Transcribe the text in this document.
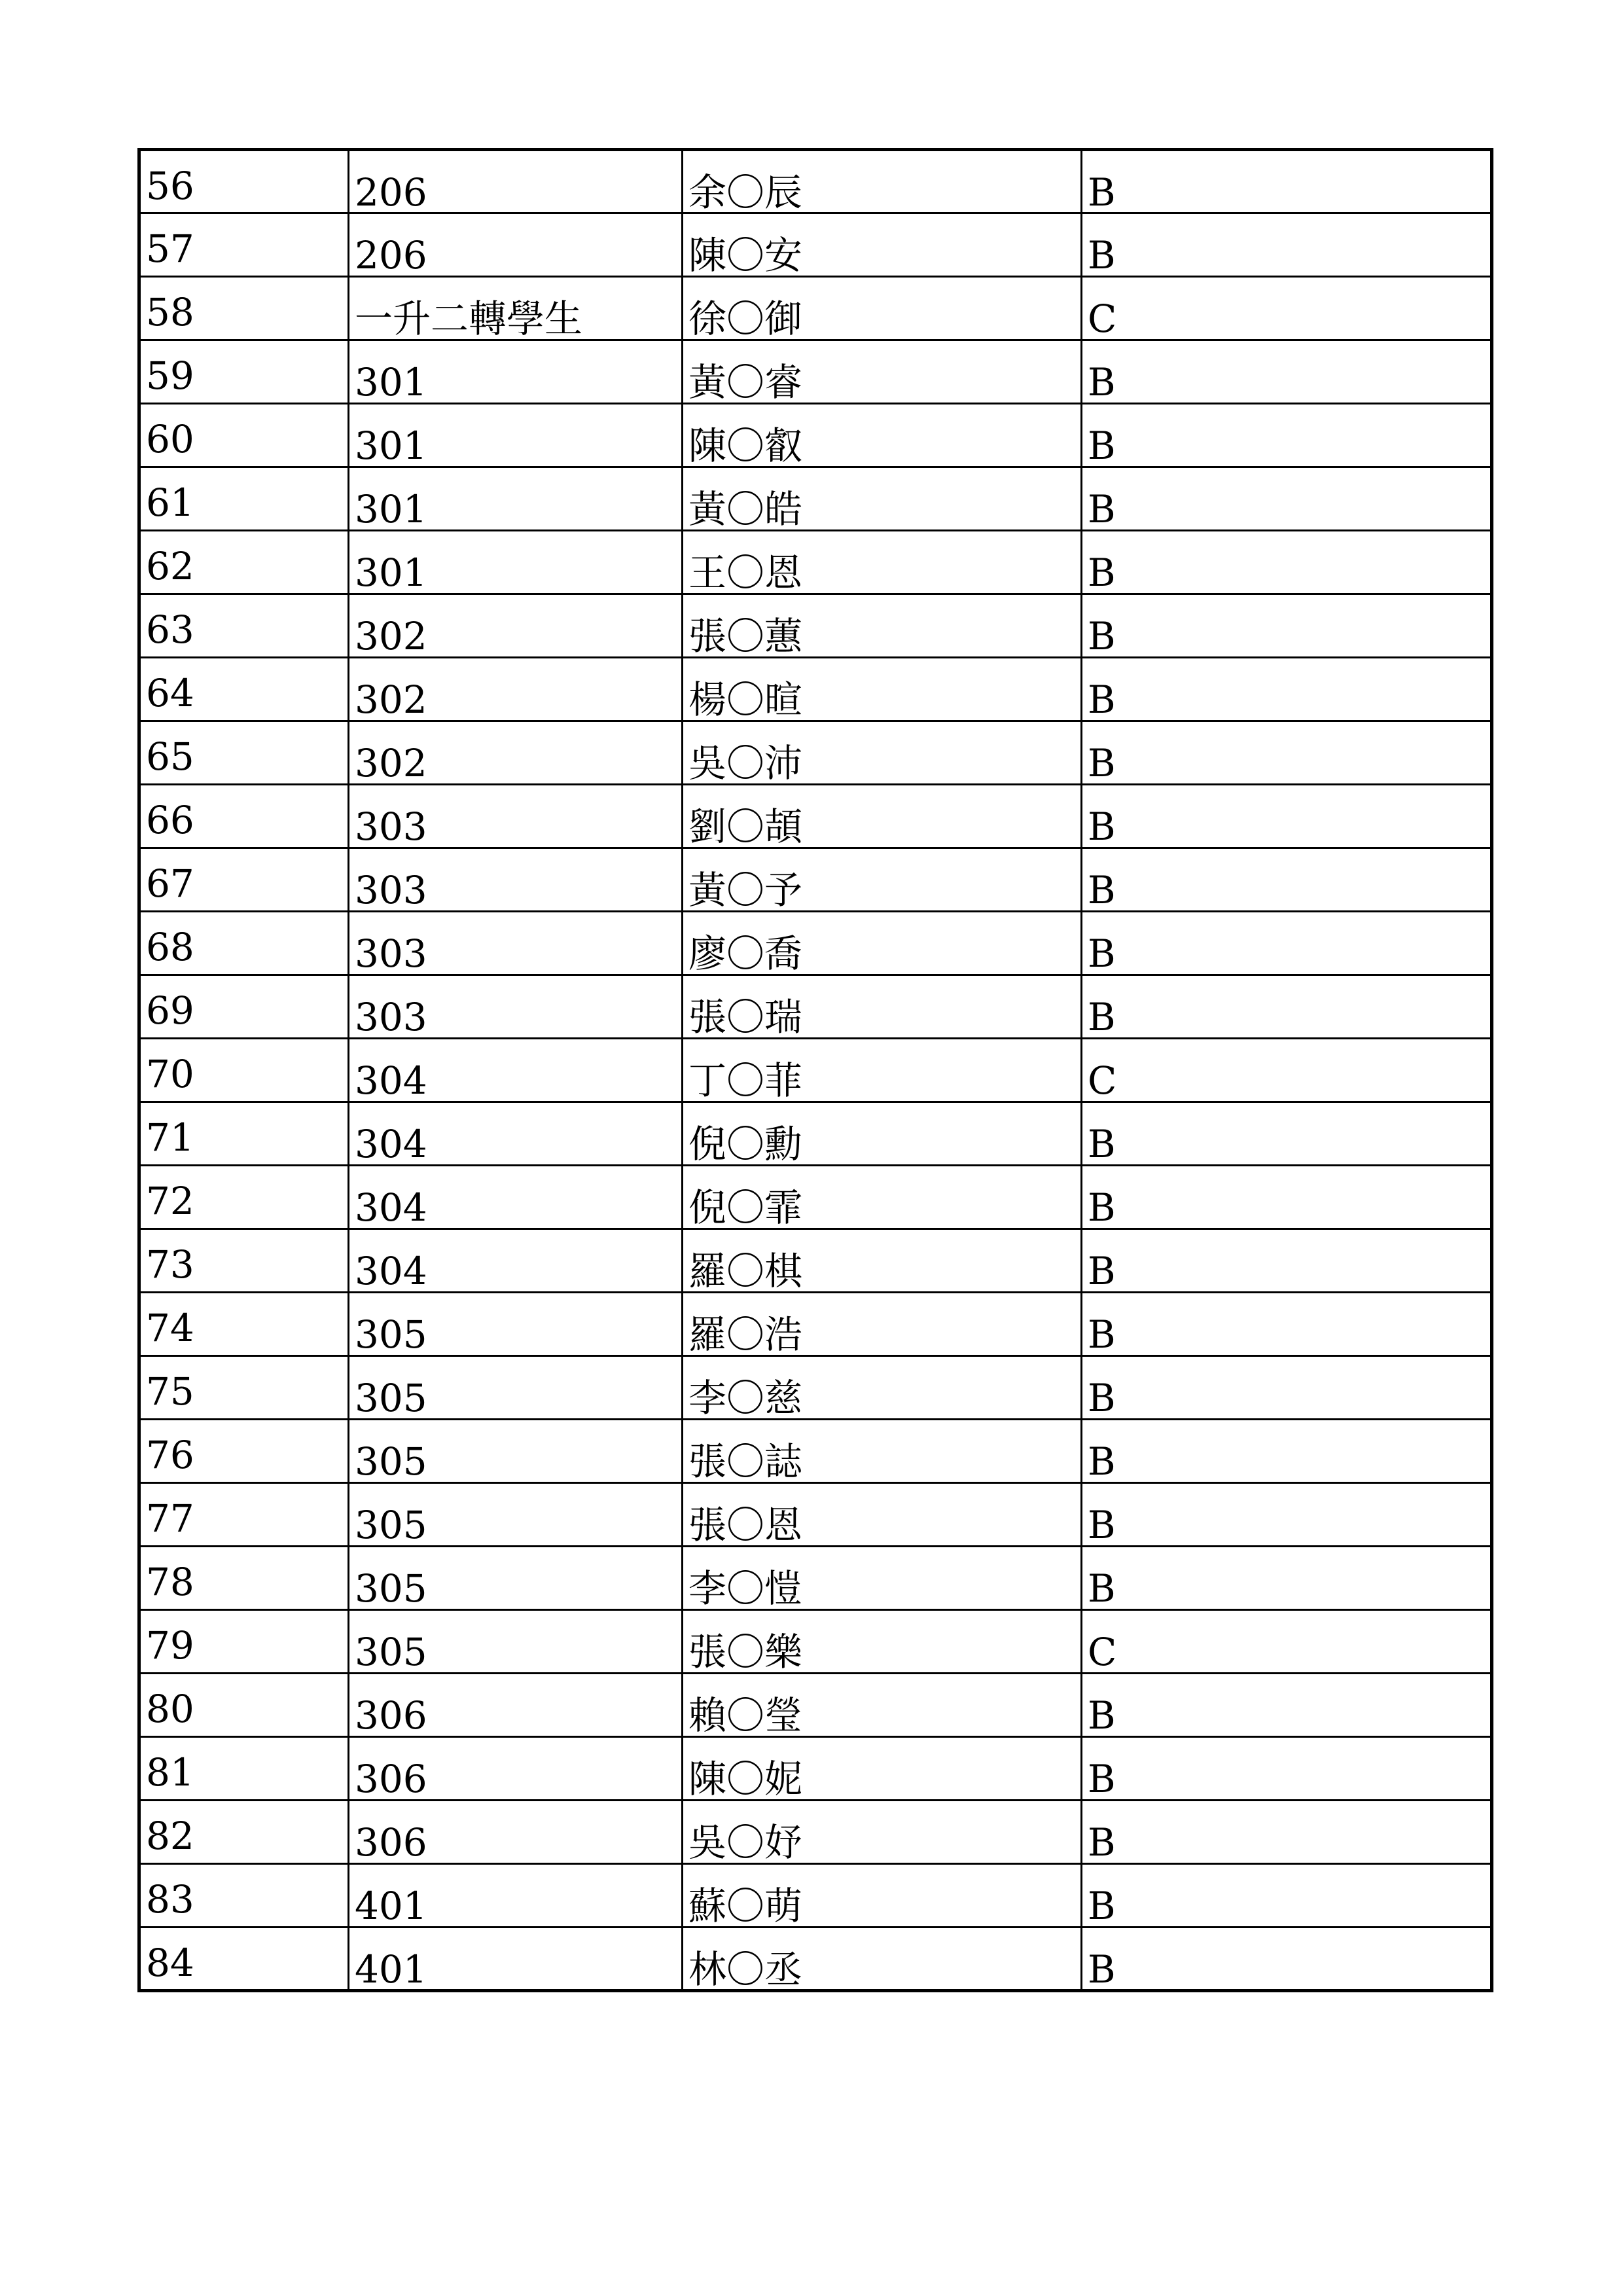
56	206	余〇辰	B
57	206	陳〇安	B
58	一升二轉學生	徐〇御	C
59	301	黃〇睿	B
60	301	陳〇叡	B
61	301	黃〇皓	B
62	301	王〇恩	B
63	302	張〇蕙	B
64	302	楊〇暄	B
65	302	吳〇沛	B
66	303	劉〇頡	B
67	303	黃〇予	B
68	303	廖〇喬	B
69	303	張〇瑞	B
70	304	丁〇菲	C
71	304	倪〇勳	B
72	304	倪〇霏	B
73	304	羅〇棋	B
74	305	羅〇浩	B
75	305	李〇慈	B
76	305	張〇誌	B
77	305	張〇恩	B
78	305	李〇愷	B
79	305	張〇樂	C
80	306	賴〇瑩	B
81	306	陳〇妮	B
82	306	吳〇妤	B
83	401	蘇〇萌	B
84	401	林〇丞	B
